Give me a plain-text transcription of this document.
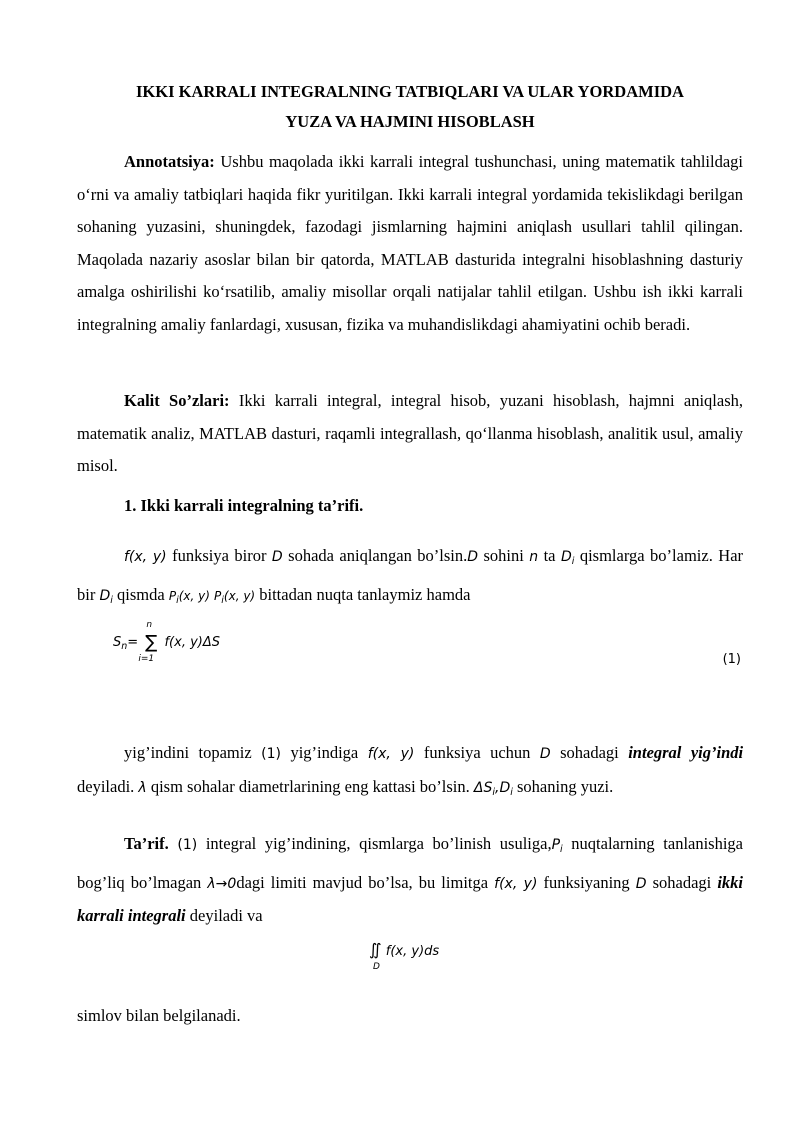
IKKI KARRALI INTEGRALNING TATBIQLARI VA ULAR YORDAMIDA
YUZA VA HAJMINI HISOBLASH
Annotatsiya: Ushbu maqolada ikki karrali integral tushunchasi, uning matematik tahlildagi o‘rni va amaliy tatbiqlari haqida fikr yuritilgan. Ikki karrali integral yordamida tekislikdagi berilgan sohaning yuzasini, shuningdek, fazodagi jismlarning hajmini aniqlash usullari tahlil qilingan. Maqolada nazariy asoslar bilan bir qatorda, MATLAB dasturida integralni hisoblashning dasturiy amalga oshirilishi ko‘rsatilib, amaliy misollar orqali natijalar tahlil etilgan. Ushbu ish ikki karrali integralning amaliy fanlardagi, xususan, fizika va muhandislikdagi ahamiyatini ochib beradi.
Kalit So’zlari: Ikki karrali integral, integral hisob, yuzani hisoblash, hajmni aniqlash, matematik analiz, MATLAB dasturi, raqamli integrallash, qo‘llanma hisoblash, analitik usul, amaliy misol.
1. Ikki karrali integralning ta’rifi.
f(x, y) funksiya biror D sohada aniqlangan bo’lsin.D sohini n ta $D_i$ qismlarga bo’lamiz. Har bir $D_i$ qismda $P_i(x$, y) $P_i(x$, y) bittadan nuqta tanlaymiz hamda
$S_n=$
n
∑
i=1
f(x, y)ΔS
(1)
yig’indini topamiz (1) yig’indiga f(x, y) funksiya uchun D sohadagi integral yig’indi deyiladi. λ qism sohalar diametrlarining eng kattasi bo’lsin. $\Delta S_i,D_i$ sohaning yuzi.
Ta’rif. (1) integral yig’indining, qismlarga bo’linish $usuliga,P_i$ nuqtalarning tanlanishiga bog’liq bo’lmagan λ→0dagi limiti mavjud bo’lsa, bu limitga f(x, y) funksiyaning D sohadagi ikki karrali integrali deyiladi va
∬
D
f(x, y)ds
simlov bilan belgilanadi.
